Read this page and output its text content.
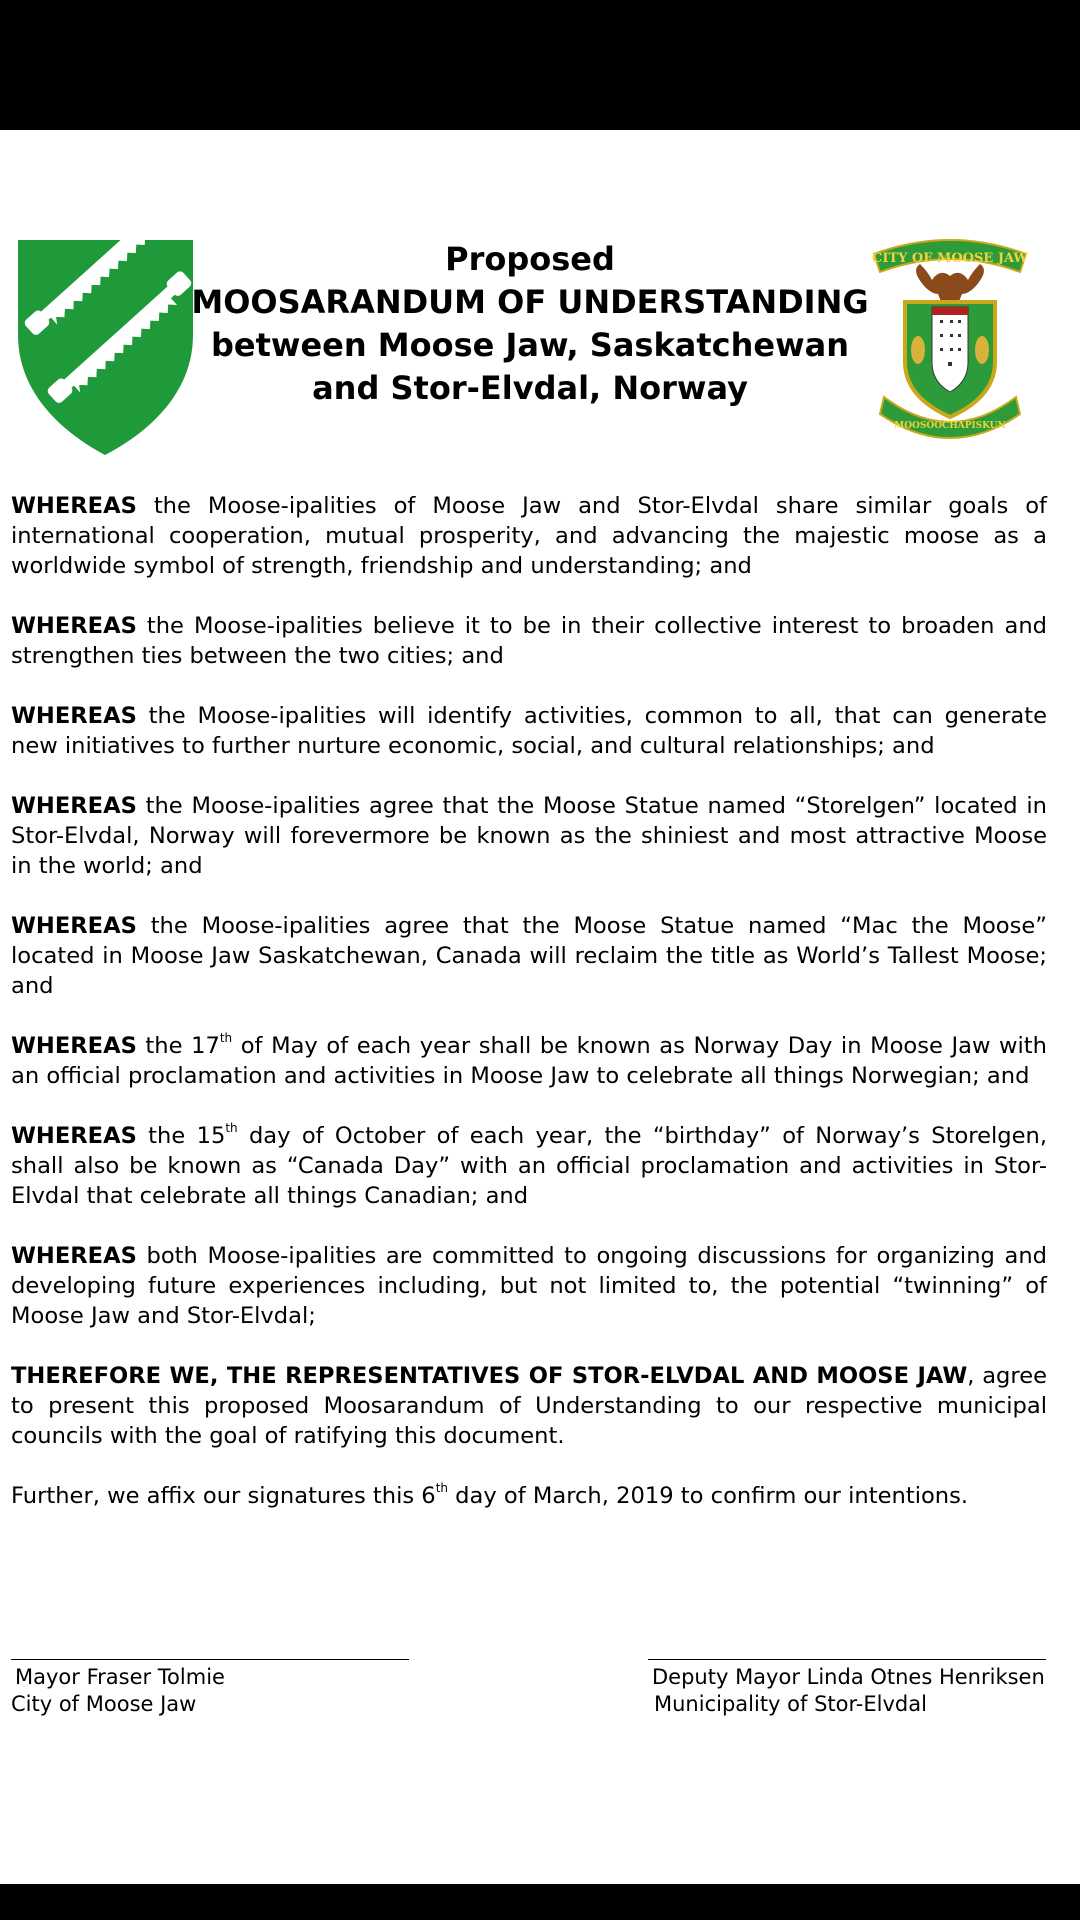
Proposed
MOOSARANDUM OF UNDERSTANDING
between Moose Jaw, Saskatchewan
and Stor-Elvdal, Norway
CITY OF MOOSE JAW
MOOSOOCHAPISKUN

WHEREAS the Moose-ipalities of Moose Jaw and Stor-Elvdal share similar goals of international cooperation, mutual prosperity, and advancing the majestic moose as a worldwide symbol of strength, friendship and understanding; and

WHEREAS the Moose-ipalities believe it to be in their collective interest to broaden and strengthen ties between the two cities; and

WHEREAS the Moose-ipalities will identify activities, common to all, that can generate new initiatives to further nurture economic, social, and cultural relationships; and

WHEREAS the Moose-ipalities agree that the Moose Statue named “Storelgen” located in Stor-Elvdal, Norway will forevermore be known as the shiniest and most attractive Moose in the world; and

WHEREAS the Moose-ipalities agree that the Moose Statue named “Mac the Moose” located in Moose Jaw Saskatchewan, Canada will reclaim the title as World’s Tallest Moose; and

WHEREAS the 17th of May of each year shall be known as Norway Day in Moose Jaw with an official proclamation and activities in Moose Jaw to celebrate all things Norwegian; and

WHEREAS the 15th day of October of each year, the “birthday” of Norway’s Storelgen, shall also be known as “Canada Day” with an official proclamation and activities in Stor-Elvdal that celebrate all things Canadian; and

WHEREAS both Moose-ipalities are committed to ongoing discussions for organizing and developing future experiences including, but not limited to, the potential “twinning” of Moose Jaw and Stor-Elvdal;

THEREFORE WE, THE REPRESENTATIVES OF STOR-ELVDAL AND MOOSE JAW, agree to present this proposed Moosarandum of Understanding to our respective municipal councils with the goal of ratifying this document.

Further, we affix our signatures this 6th day of March, 2019 to confirm our intentions.

Mayor Fraser Tolmie
City of Moose Jaw
Deputy Mayor Linda Otnes Henriksen
Municipality of Stor-Elvdal
